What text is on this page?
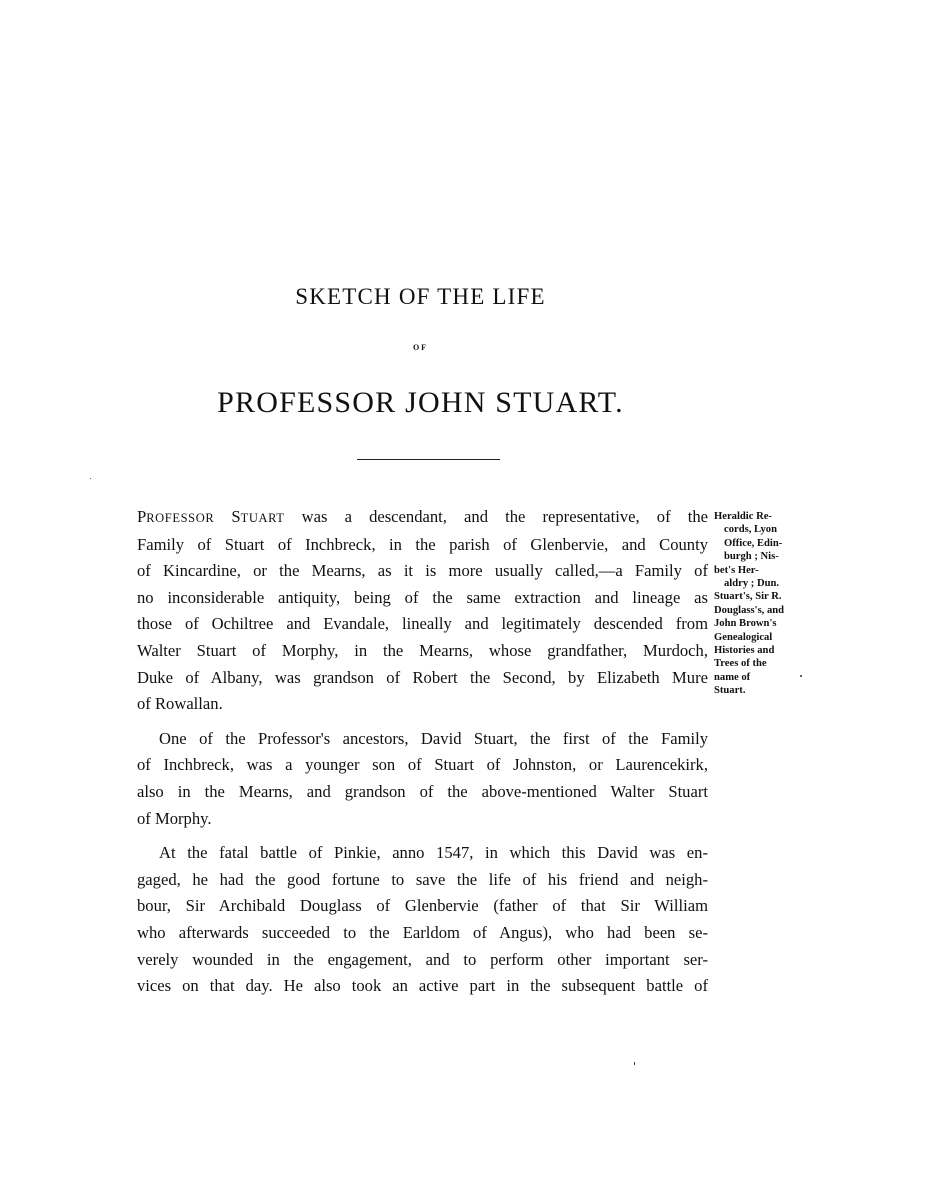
SKETCH OF THE LIFE
OF
PROFESSOR JOHN STUART.

PROFESSOR STUART was a descendant, and the representative, of the
Family of Stuart of Inchbreck, in the parish of Glenbervie, and County
of Kincardine, or the Mearns, as it is more usually called,—a Family of
no inconsiderable antiquity, being of the same extraction and lineage as
those of Ochiltree and Evandale, lineally and legitimately descended from
Walter Stuart of Morphy, in the Mearns, whose grandfather, Murdoch,
Duke of Albany, was grandson of Robert the Second, by Elizabeth Mure
of Rowallan.

One of the Professor's ancestors, David Stuart, the first of the Family
of Inchbreck, was a younger son of Stuart of Johnston, or Laurencekirk,
also in the Mearns, and grandson of the above-mentioned Walter Stuart
of Morphy.

At the fatal battle of Pinkie, anno 1547, in which this David was en-
gaged, he had the good fortune to save the life of his friend and neigh-
bour, Sir Archibald Douglass of Glenbervie (father of that Sir William
who afterwards succeeded to the Earldom of Angus), who had been se-
verely wounded in the engagement, and to perform other important ser-
vices on that day. He also took an active part in the subsequent battle of

Heraldic Re-
cords, Lyon
Office, Edin-
burgh ; Nis-
bet's Her-
aldry ; Dun.
Stuart's, Sir R.
Douglass's, and
John Brown's
Genealogical
Histories and
Trees of the
name of
Stuart.
